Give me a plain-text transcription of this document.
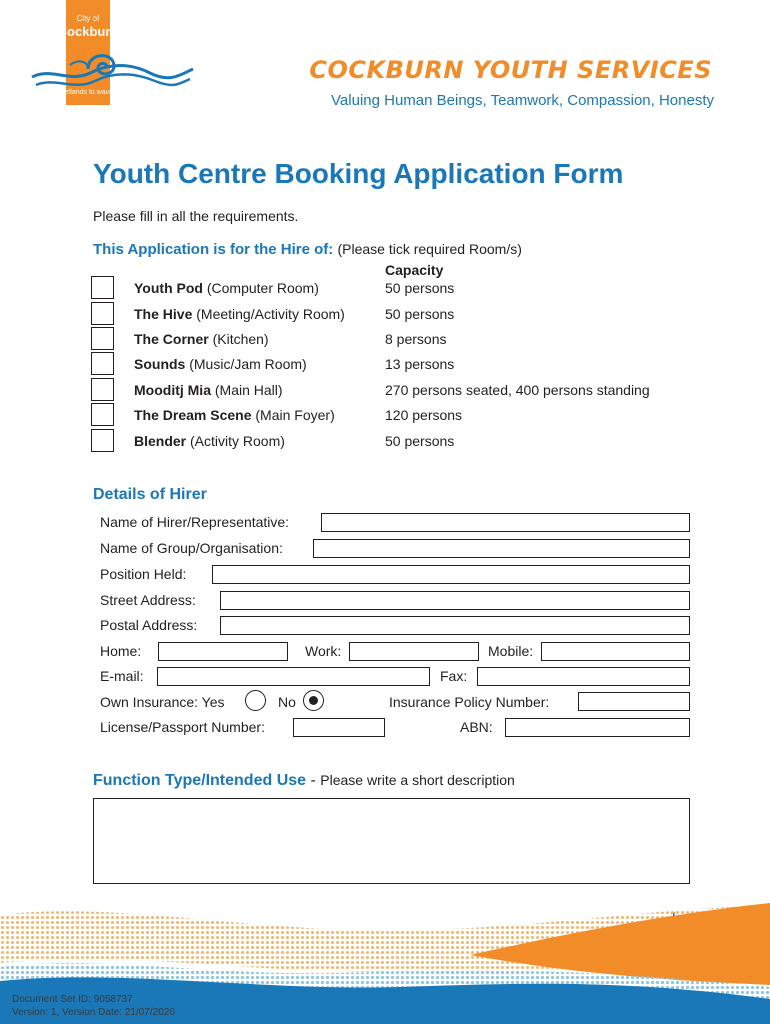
City of
Cockburn
wetlands to waves
COCKBURN YOUTH SERVICES
Valuing Human Beings, Teamwork, Compassion, Honesty
Youth Centre Booking Application Form
Please fill in all the requirements.
This Application is for the Hire of: (Please tick required Room/s)
Capacity
Youth Pod (Computer Room)	50 persons
The Hive (Meeting/Activity Room)	50 persons
The Corner (Kitchen)	8 persons
Sounds (Music/Jam Room)	13 persons
Mooditj Mia (Main Hall)	270 persons seated, 400 persons standing
The Dream Scene (Main Foyer)	120 persons
Blender (Activity Room)	50 persons
Details of Hirer
Name of Hirer/Representative:
Name of Group/Organisation:
Position Held:
Street Address:
Postal Address:
Home:	Work:	Mobile:
E-mail:	Fax:
Own Insurance: Yes	No	Insurance Policy Number:
License/Passport Number:	ABN:
Function Type/Intended Use - Please write a short description
Document Set ID: 9058737
Version: 1, Version Date: 21/07/2020
